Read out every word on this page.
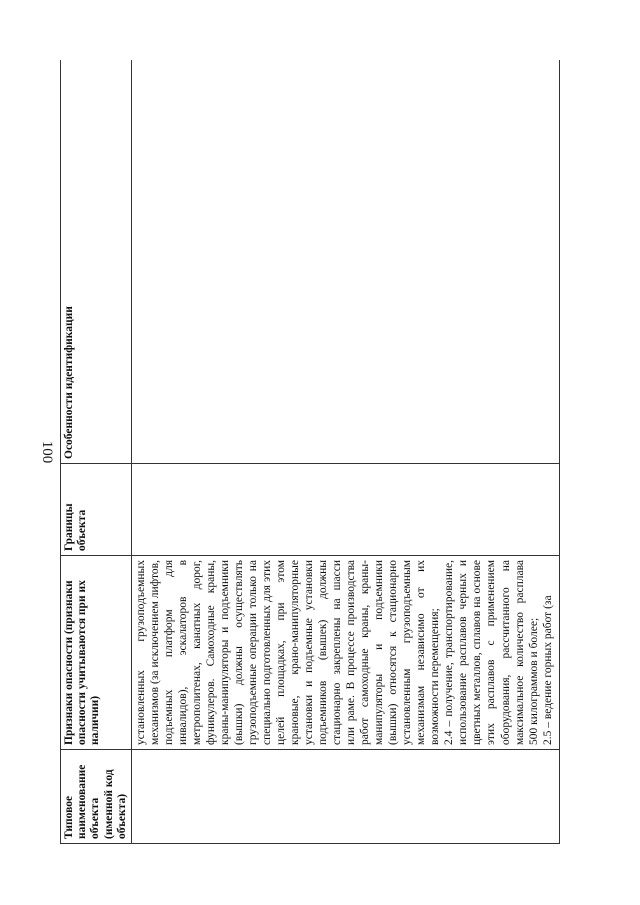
100
Типовое наименование объекта (именной код объекта)	Признаки опасности (признаки опасности учитываются при их наличии)	Границы объекта	Особенности идентификации

	установленных грузоподъемных механизмов (за исключением лифтов, подъемных платформ для инвалидов), эскалаторов в метрополитенах, канатных дорог, фуникулеров. Самоходные краны, краны-манипуляторы и подъемники (вышки) должны осуществлять грузоподъемные операции только на специально подготовленных для этих целей площадках, при этом крановые, крано-манипуляторные установки и подъемные установки подъемников (вышек) должны стационарно закреплены на шасси или раме. В процессе производства работ самоходные краны, краны-манипуляторы и подъемники (вышки) относятся к стационарно установленным грузоподъемным механизмам независимо от их возможности перемещения; 2.4 – получение, транспортирование, использование расплавов черных и цветных металлов, сплавов на основе этих расплавов с применением оборудования, рассчитанного на максимальное количество расплава 500 килограммов и более; 2.5 – ведение горных работ (за		
